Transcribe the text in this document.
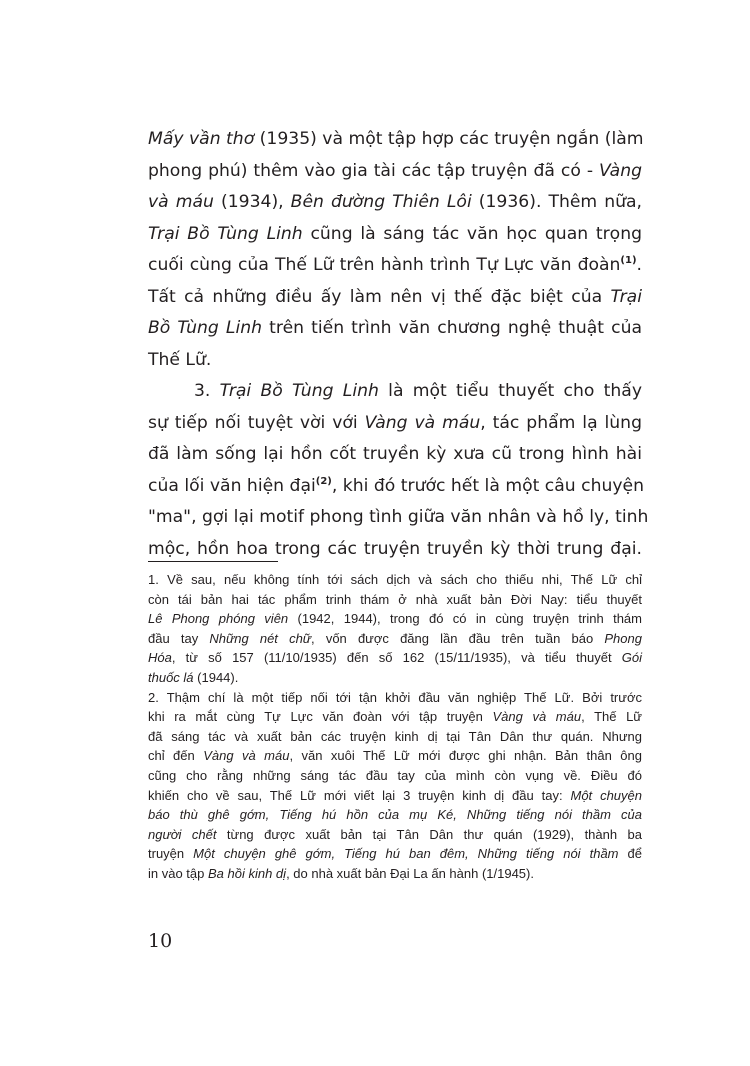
Mấy vần thơ (1935) và một tập hợp các truyện ngắn (làm
phong phú) thêm vào gia tài các tập truyện đã có - Vàng
và máu (1934), Bên đường Thiên Lôi (1936). Thêm nữa,
Trại Bồ Tùng Linh cũng là sáng tác văn học quan trọng
cuối cùng của Thế Lữ trên hành trình Tự Lực văn đoàn$^{(1)}$.
Tất cả những điều ấy làm nên vị thế đặc biệt của Trại
Bồ Tùng Linh trên tiến trình văn chương nghệ thuật của
Thế Lữ.

3. Trại Bồ Tùng Linh là một tiểu thuyết cho thấy
sự tiếp nối tuyệt vời với Vàng và máu, tác phẩm lạ lùng
đã làm sống lại hồn cốt truyền kỳ xưa cũ trong hình hài
của lối văn hiện đại$^{(2)}$, khi đó trước hết là một câu chuyện
"ma", gợi lại motif phong tình giữa văn nhân và hồ ly, tinh
mộc, hồn hoa trong các truyện truyền kỳ thời trung đại.

1. Về sau, nếu không tính tới sách dịch và sách cho thiếu nhi, Thế Lữ chỉ
còn tái bản hai tác phẩm trinh thám ở nhà xuất bản Đời Nay: tiểu thuyết
Lê Phong phóng viên (1942, 1944), trong đó có in cùng truyện trinh thám
đầu tay Những nét chữ, vốn được đăng lần đầu trên tuần báo Phong
Hóa, từ số 157 (11/10/1935) đến số 162 (15/11/1935), và tiểu thuyết Gói
thuốc lá (1944).

2. Thậm chí là một tiếp nối tới tận khởi đầu văn nghiệp Thế Lữ. Bởi trước
khi ra mắt cùng Tự Lực văn đoàn với tập truyện Vàng và máu, Thế Lữ
đã sáng tác và xuất bản các truyện kinh dị tại Tân Dân thư quán. Nhưng
chỉ đến Vàng và máu, văn xuôi Thế Lữ mới được ghi nhận. Bản thân ông
cũng cho rằng những sáng tác đầu tay của mình còn vụng về. Điều đó
khiến cho về sau, Thế Lữ mới viết lại 3 truyện kinh dị đầu tay: Một chuyện
báo thù ghê gớm, Tiếng hú hồn của mụ Ké, Những tiếng nói thầm của
người chết từng được xuất bản tại Tân Dân thư quán (1929), thành ba
truyện Một chuyện ghê gớm, Tiếng hú ban đêm, Những tiếng nói thầm để
in vào tập Ba hồi kinh dị, do nhà xuất bản Đại La ấn hành (1/1945).

10
